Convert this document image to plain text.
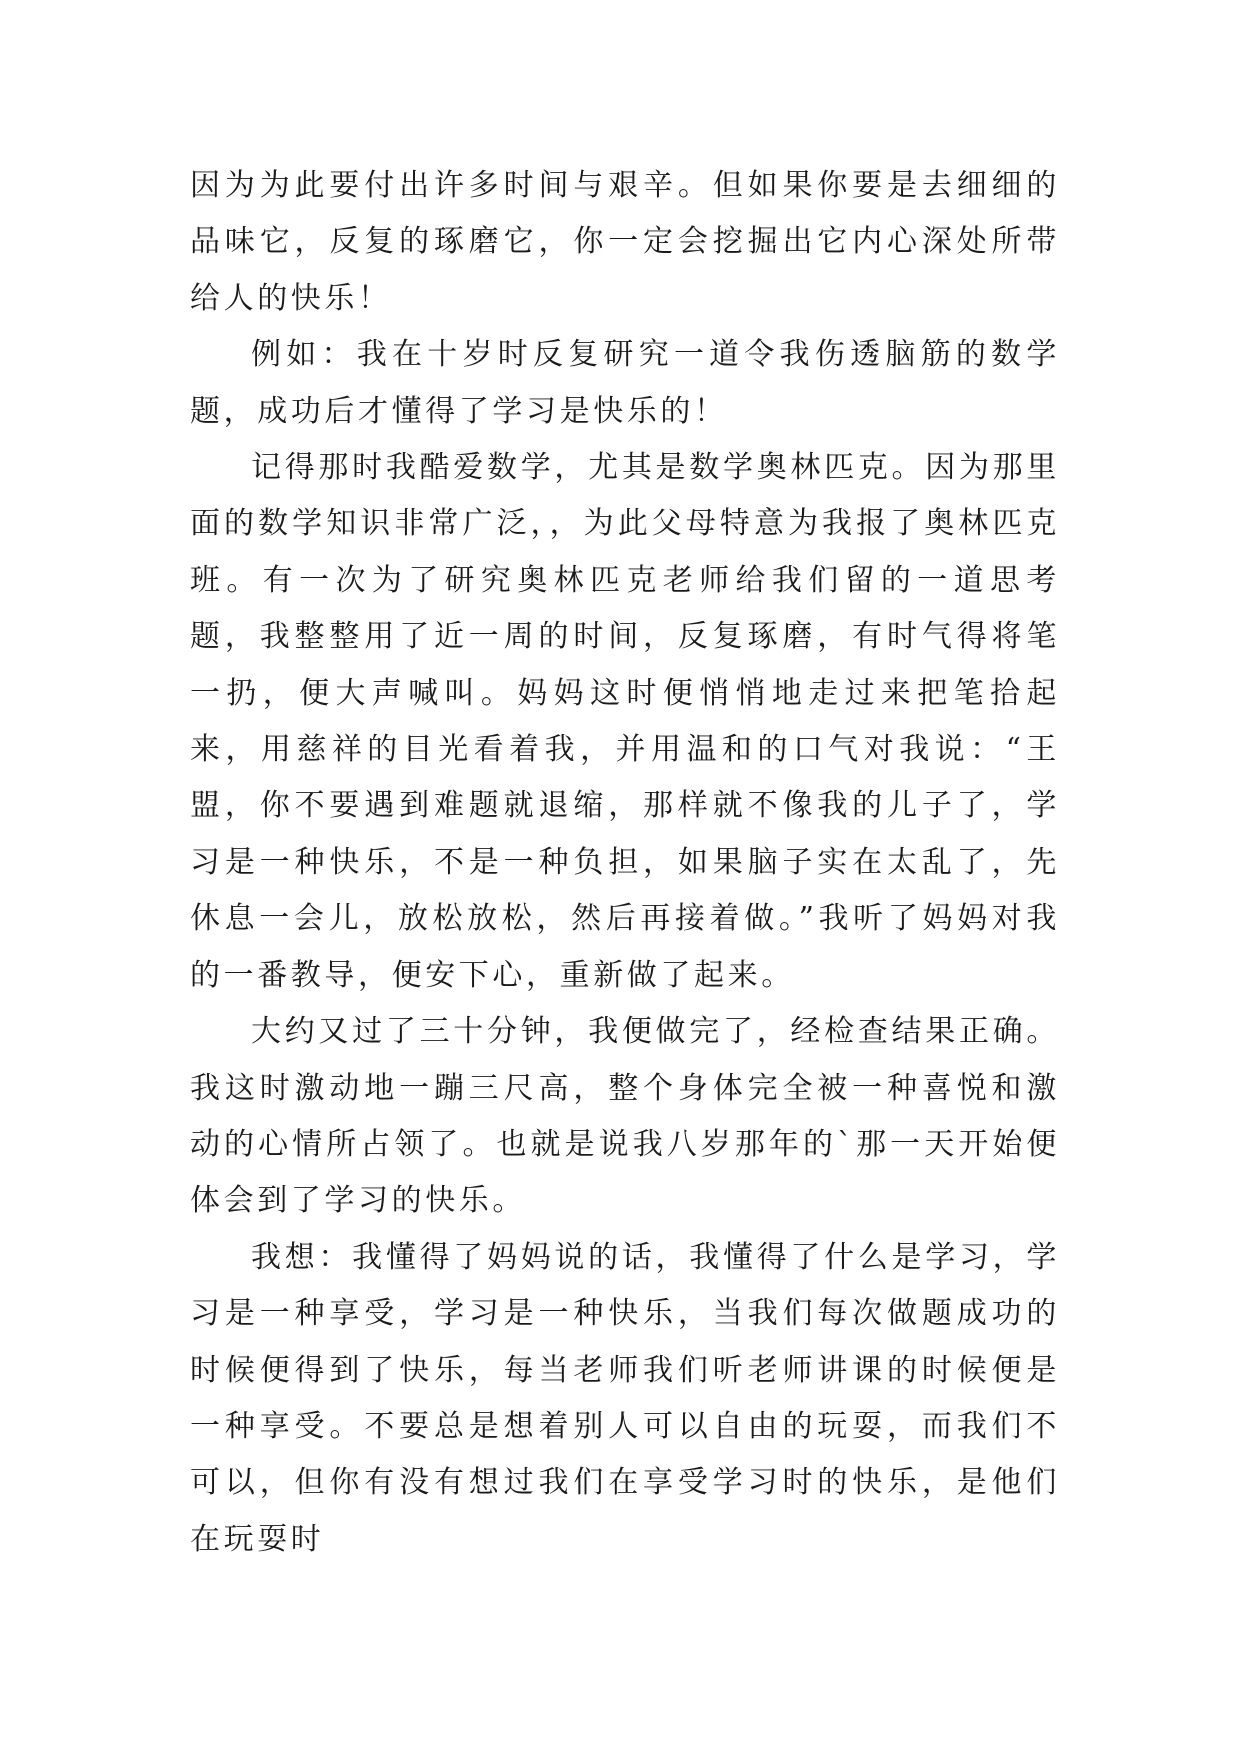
因为为此要付出许多时间与艰辛。但如果你要是去细细的品味它，反复的琢磨它，你一定会挖掘出它内心深处所带给人的快乐！

例如：我在十岁时反复研究一道令我伤透脑筋的数学题，成功后才懂得了学习是快乐的！

记得那时我酷爱数学，尤其是数学奥林匹克。因为那里面的数学知识非常广泛，，为此父母特意为我报了奥林匹克班。有一次为了研究奥林匹克老师给我们留的一道思考题，我整整用了近一周的时间，反复琢磨，有时气得将笔一扔，便大声喊叫。妈妈这时便悄悄地走过来把笔拾起来，用慈祥的目光看着我，并用温和的口气对我说：“王盟，你不要遇到难题就退缩，那样就不像我的儿子了，学习是一种快乐，不是一种负担，如果脑子实在太乱了，先休息一会儿，放松放松，然后再接着做。”我听了妈妈对我的一番教导，便安下心，重新做了起来。

大约又过了三十分钟，我便做完了，经检查结果正确。我这时激动地一蹦三尺高，整个身体完全被一种喜悦和激动的心情所占领了。也就是说我八岁那年的`那一天开始便体会到了学习的快乐。

我想：我懂得了妈妈说的话，我懂得了什么是学习，学习是一种享受，学习是一种快乐，当我们每次做题成功的时候便得到了快乐，每当老师我们听老师讲课的时候便是一种享受。不要总是想着别人可以自由的玩耍，而我们不可以，但你有没有想过我们在享受学习时的快乐，是他们在玩耍时
